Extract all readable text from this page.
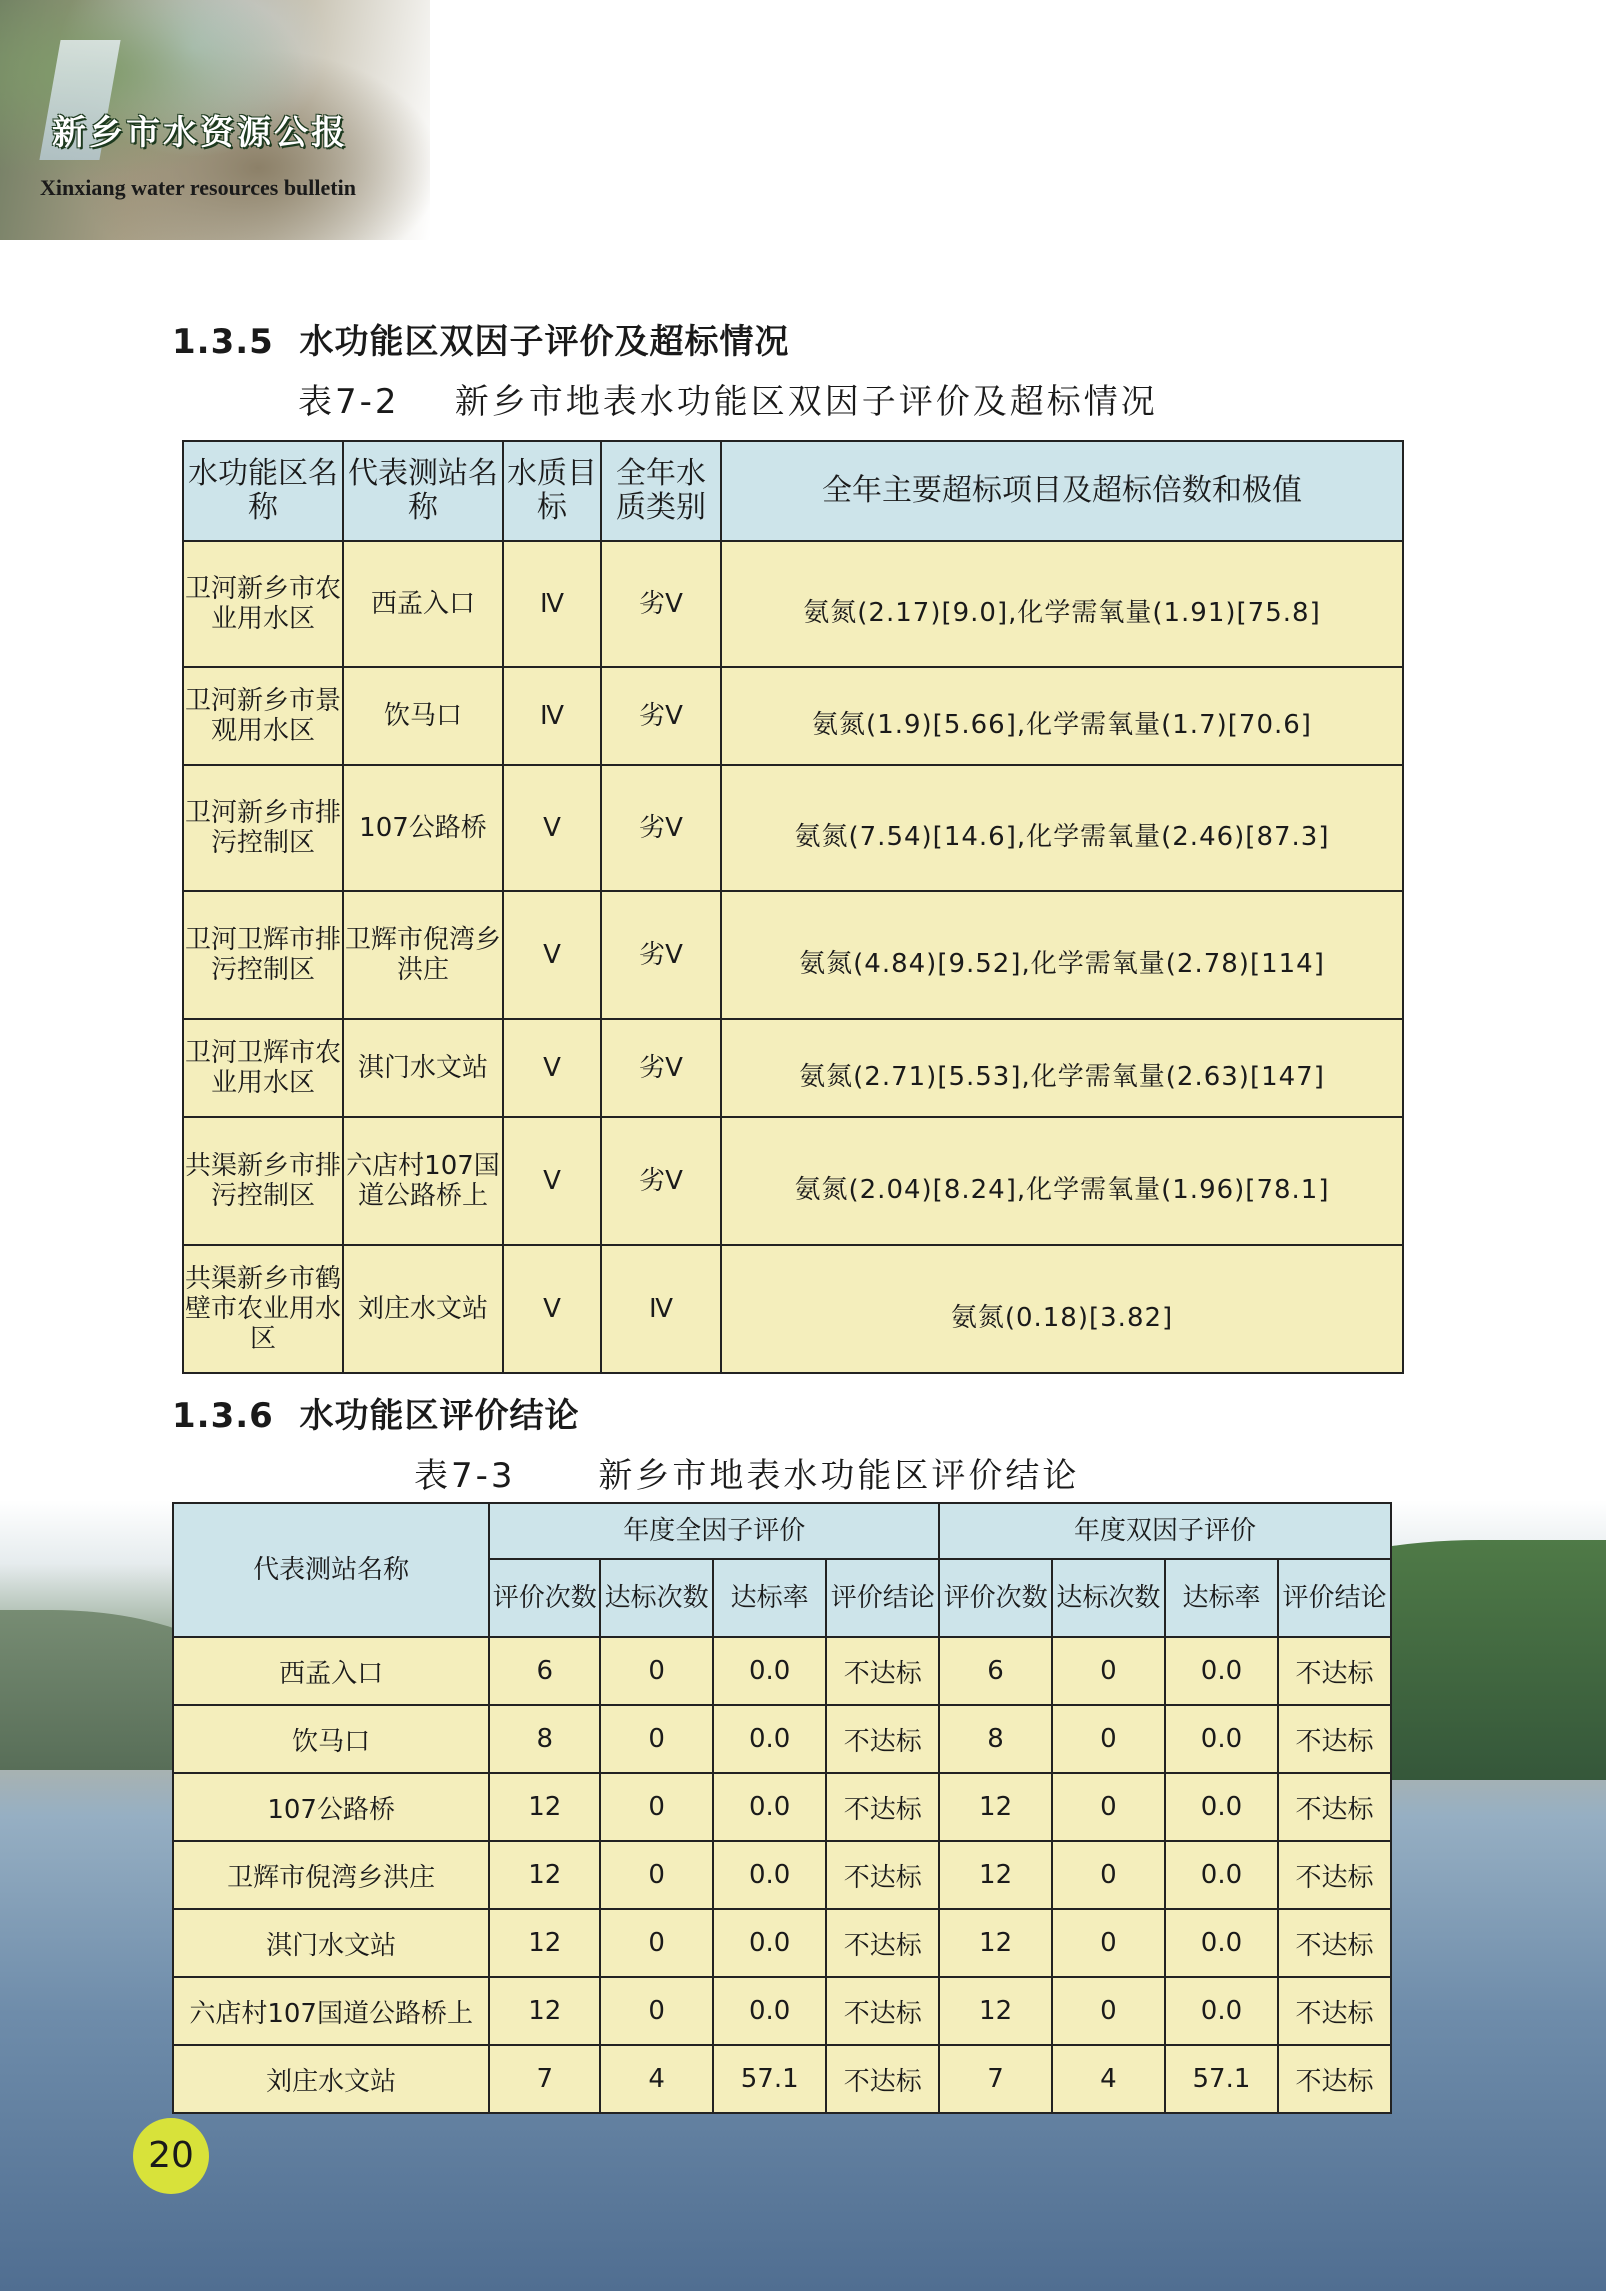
新乡市水资源公报
Xinxiang water resources bulletin
1.3.5  水功能区双因子评价及超标情况
表7-2    新乡市地表水功能区双因子评价及超标情况
水功能区名称	代表测站名称	水质目标	全年水质类别	全年主要超标项目及超标倍数和极值
卫河新乡市农业用水区	西孟入口	Ⅳ	劣Ⅴ	氨氮(2.17)[9.0],化学需氧量(1.91)[75.8]
卫河新乡市景观用水区	饮马口	Ⅳ	劣Ⅴ	氨氮(1.9)[5.66],化学需氧量(1.7)[70.6]
卫河新乡市排污控制区	107公路桥	Ⅴ	劣Ⅴ	氨氮(7.54)[14.6],化学需氧量(2.46)[87.3]
卫河卫辉市排污控制区	卫辉市倪湾乡洪庄	Ⅴ	劣Ⅴ	氨氮(4.84)[9.52],化学需氧量(2.78)[114]
卫河卫辉市农业用水区	淇门水文站	Ⅴ	劣Ⅴ	氨氮(2.71)[5.53],化学需氧量(2.63)[147]
共渠新乡市排污控制区	六店村107国道公路桥上	Ⅴ	劣Ⅴ	氨氮(2.04)[8.24],化学需氧量(1.96)[78.1]
共渠新乡市鹤壁市农业用水区	刘庄水文站	Ⅴ	Ⅳ	氨氮(0.18)[3.82]
1.3.6  水功能区评价结论
表7-3      新乡市地表水功能区评价结论
代表测站名称	年度全因子评价				年度双因子评价			
	评价次数	达标次数	达标率	评价结论	评价次数	达标次数	达标率	评价结论
西孟入口	6	0	0.0	不达标	6	0	0.0	不达标
饮马口	8	0	0.0	不达标	8	0	0.0	不达标
107公路桥	12	0	0.0	不达标	12	0	0.0	不达标
卫辉市倪湾乡洪庄	12	0	0.0	不达标	12	0	0.0	不达标
淇门水文站	12	0	0.0	不达标	12	0	0.0	不达标
六店村107国道公路桥上	12	0	0.0	不达标	12	0	0.0	不达标
刘庄水文站	7	4	57.1	不达标	7	4	57.1	不达标
20
